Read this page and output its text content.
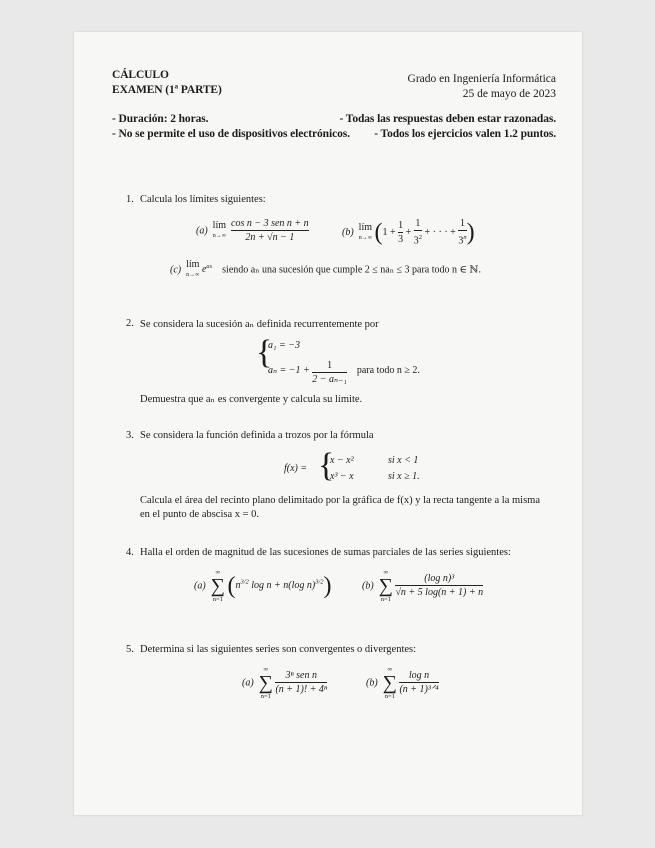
CÁLCULO
EXAMEN (1ª PARTE)
Grado en Ingeniería Informática
25 de mayo de 2023
- Duración: 2 horas.
- No se permite el uso de dispositivos electrónicos.
- Todas las respuestas deben estar razonadas.
- Todos los ejercicios valen 1.2 puntos.
1. Calcula los límites siguientes:
(a) lím
n→∞
$\frac{\text{cos n − 3 sen n + n}}{2n + √n - 1}$	(b) lím
n→∞ ($1 + \frac{1}{3} + \frac{1}{3^2}$ + · · · + $\frac{1}{3^n}$ )
(c) lím
n→∞ $e^{an}$ siendo aₙ una sucesión que cumple 2 ≤ naₙ ≤ 3 para todo n ∈ ℕ.
2. Se considera la sucesión aₙ definida recurrentemente por
{
a₁ = −3
$a_n = -1 + \frac{1}{\text{2 − aₙ₋₁}}$ para todo n ≥ 2.
Demuestra que aₙ es convergente y calcula su límite.
3. Se considera la función definida a trozos por la fórmula
f(x) = {
x − x²	si x < 1
x³ − x	si x ≥ 1.
Calcula el área del recinto plano delimitado por la gráfica de f(x) y la recta tangente a la misma
en el punto de abscisa x = 0.
4. Halla el orden de magnitud de las sucesiones de sumas parciales de las series siguientes:
(a)
∞
∑
n=1
($n^{3/2}$ log n + n(log n)$^{3/2}$)	(b)
∞
∑
n=1

$\frac{\text{(log n)³}}{√n + 5 \log(n + 1) + n}$
5. Determina si las siguientes series son convergentes o divergentes:
(a)
∞
∑
n=1

$\frac{\text{3ⁿ sen n}}{\text{(n + 1)! + 4ⁿ}}$	(b)
∞
∑
n=1

$\frac{\text{log n}}{\text{(n + 1)³ᐟ⁴}}$
